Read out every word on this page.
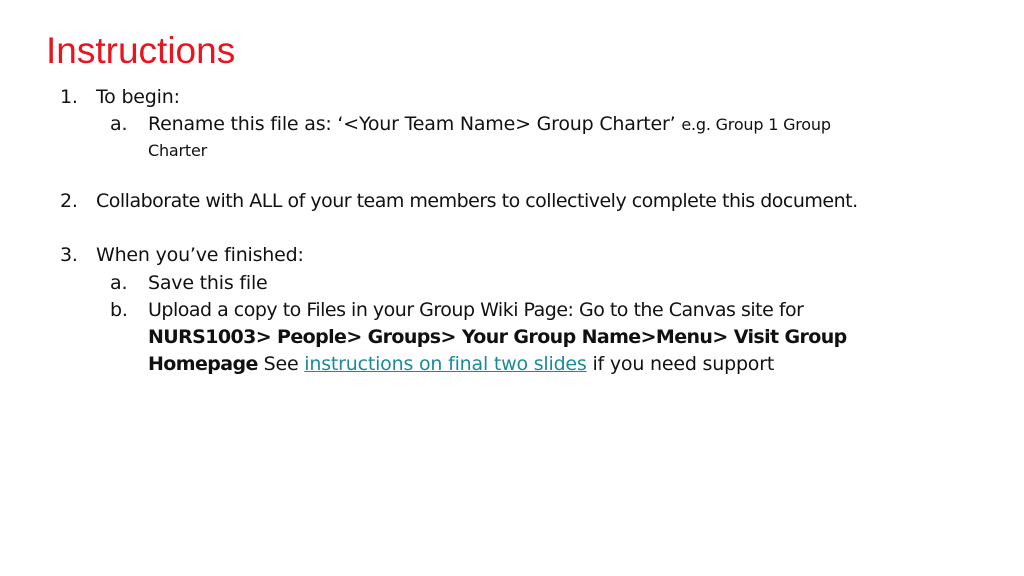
Instructions
1. To begin:
a. Rename this file as: ‘<Your Team Name> Group Charter’ e.g. Group 1 Group
Charter
2. Collaborate with ALL of your team members to collectively complete this document.
3. When you’ve finished:
a. Save this file
b. Upload a copy to Files in your Group Wiki Page: Go to the Canvas site for
NURS1003> People> Groups> Your Group Name>Menu> Visit Group
Homepage See instructions on final two slides if you need support
